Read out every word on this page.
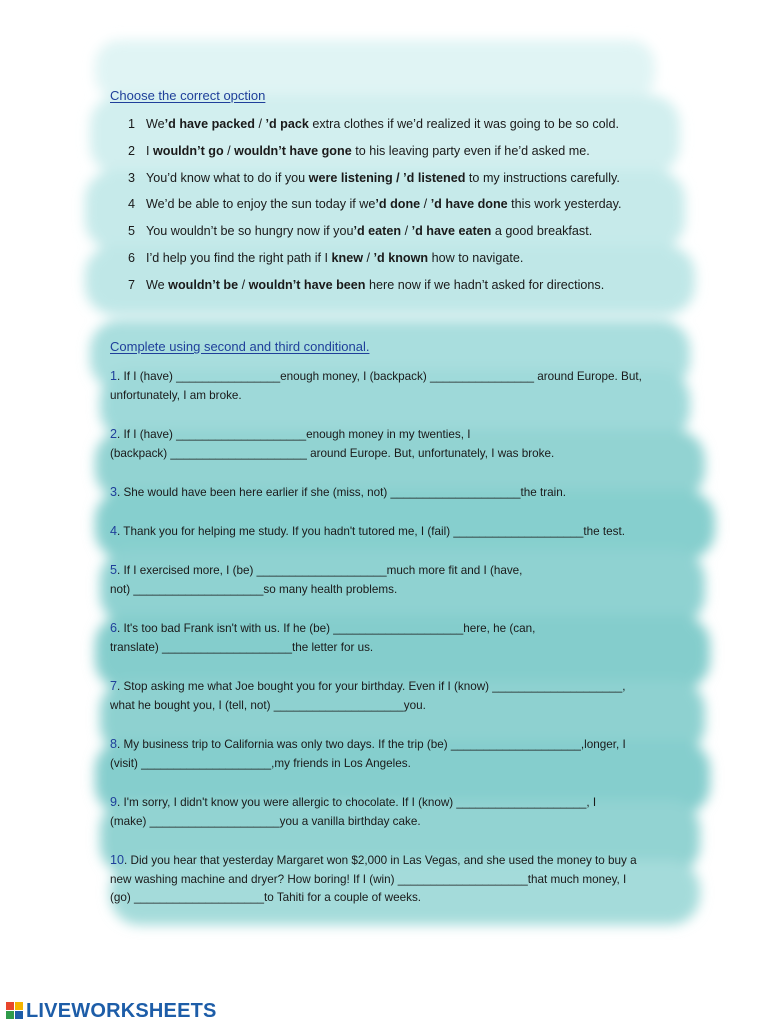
Choose the correct opction
1 We’d have packed / ’d pack extra clothes if we’d realized it was going to be so cold.
2 I wouldn’t go / wouldn’t have gone to his leaving party even if he’d asked me.
3 You’d know what to do if you were listening / ’d listened to my instructions carefully.
4 We’d be able to enjoy the sun today if we’d done / ’d have done this work yesterday.
5 You wouldn’t be so hungry now if you’d eaten / ’d have eaten a good breakfast.
6 I’d help you find the right path if I knew / ’d known how to navigate.
7 We wouldn’t be / wouldn’t have been here now if we hadn’t asked for directions.
Complete using second and third conditional.
1. If I (have) ________________enough money, I (backpack) ________________ around Europe. But,
unfortunately, I am broke.
2. If I (have) ____________________enough money in my twenties, I
(backpack) _____________________ around Europe. But, unfortunately, I was broke.
3. She would have been here earlier if she (miss, not) ____________________the train.
4. Thank you for helping me study. If you hadn't tutored me, I (fail) ____________________the test.
5. If I exercised more, I (be) ____________________much more fit and I (have,
not) ____________________so many health problems.
6. It's too bad Frank isn't with us. If he (be) ____________________here, he (can,
translate) ____________________the letter for us.
7. Stop asking me what Joe bought you for your birthday. Even if I (know) ____________________,
what he bought you, I (tell, not) ____________________you.
8. My business trip to California was only two days. If the trip (be) ____________________,longer, I
(visit) ____________________,my friends in Los Angeles.
9. I'm sorry, I didn't know you were allergic to chocolate. If I (know) ____________________, I
(make) ____________________you a vanilla birthday cake.
10. Did you hear that yesterday Margaret won $2,000 in Las Vegas, and she used the money to buy a
new washing machine and dryer? How boring! If I (win) ____________________that much money, I
(go) ____________________to Tahiti for a couple of weeks.
LIVEWORKSHEETS
